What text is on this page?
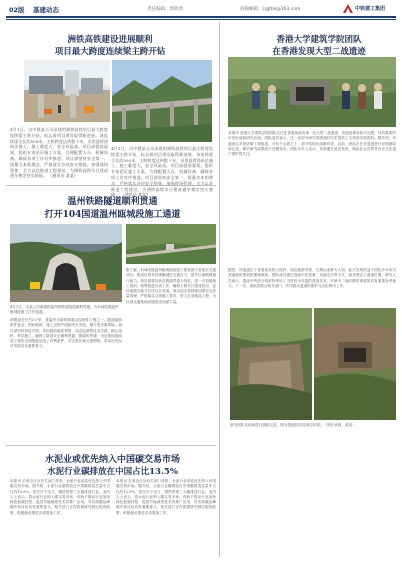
02版 基建动态	责任编辑：郭欣欣	投稿邮箱：cgjtbk@163.com	中铁建工集团
洲铁高铁建设进展顺利
项目最大跨度连续梁主跨开钻
4月1日，由中建某公司承建的洲铁高铁项目最大跨度连续梁主跨开钻，标志着项目建设取得新进展。该连续梁全长约500米，主跨跨度达到数十米，采用悬臂浇筑法施工，施工难度大，安全风险高。项目部提前谋划，组织专家论证施工方案，合理配置人员、机械设备，确保各项工作有序推进。项目部坚持安全第一、质量为本的理念，严格落实各项安全措施，加强现场管理，全力以赴推进工程建设，为洲铁高铁早日建成通车奠定坚实基础。 （通讯员 某某）
4月1日，由中建某公司承建的洲铁高铁项目最大跨度连续梁主跨开钻，标志着项目建设取得新进展。该连续梁全长约500米，主跨跨度达到数十米，采用悬臂浇筑法施工，施工难度大，安全风险高。项目部提前谋划，组织专家论证施工方案，合理配置人员、机械设备，确保各项工作有序推进。项目部坚持安全第一、质量为本的理念，严格落实各项安全措施，加强现场管理，全力以赴推进工程建设，为洲铁高铁早日建成通车奠定坚实基础。 （通讯员 某某）
香港大学建筑学院团队
在香港发现大型二战遗迹
本报讯 香港大学建筑学院团队近日在香港某地发现一处大型二战遗迹，该遗迹保存较为完整，具有重要的历史价值和研究价值。团队成员表示，这一发现为研究香港战时历史提供了宝贵的实物资料。据介绍，该遗迹由多处防御工事组成，分布于山坡之上，部分结构仍清晰可见。目前，团队正在对遗迹进行详细测绘和记录，相关研究成果将于近期发布。团队负责人表示，希望通过此次发现，唤起社会各界对历史文化遗产保护的关注。
据悉，该遗迹位于香港某郊野公园内，周边植被茂密，长期以来鲜为人知。此次发现得益于团队多年来对香港战时建筑的系统调查。团队成员通过查阅历史档案、实地走访等方式，逐步锁定了遗迹位置。研究人员表示，遗迹中的部分构筑物采用了当时较为先进的建造技术，对研究二战时期军事建筑具有重要参考意义。下一步，团队将联合相关部门，共同推动遗迹的保护与活化利用工作。
研究团队在现场进行测绘记录，图为遗迹局部及周边环境。（图片来源：某某）
温州铁路隧道顺利贯通
打开104国道温州瓯城段施工通道
据了解，104国道温州瓯城段改建工程是浙江省重点交通项目，建成后将有效缓解城区交通压力，提升区域路网通行能力。项目部将以此次隧道贯通为契机，进一步加强施工组织，统筹推进各项工作，确保工程早日建成投用，更好地服务地方经济社会发展。项目部还将持续加强安全质量管理，严格落实文明施工要求，努力打造精品工程，为区域交通基础设施建设贡献力量。
4月1日，由某公司承建的温州铁路某隧道顺利贯通，为104国道温州瓯城段施工打开通道。
该隧道全长约2公里，是温州市域铁路重点控制性工程之一。隧道地质条件复杂，围岩破碎，施工过程中面临突水突泥、塌方等多重风险。项目部坚持科技引领，采用超前地质预报、动态监测等技术手段，精心组织，科学施工，确保了隧道安全顺利贯通。隧道的贯通，为后续国道改造工程的全面推进创造了有利条件，对完善区域交通网络、带动沿线经济发展具有重要意义。
水泥业或优先纳入中国碳交易市场
水泥行业碳排放在中国占比13.5%
本报讯 记者近日从有关部门获悉，水泥行业或将优先纳入中国碳交易市场。据介绍，水泥行业碳排放在中国碳排放总量中占比约13.5%，是仅次于电力、钢铁的第三大碳排放行业。业内人士表示，将水泥行业纳入碳交易市场，有助于推动行业加快绿色低碳转型，促进节能减排技术的推广应用，对实现碳达峰碳中和目标具有重要意义。相关部门正在抓紧研究制定配套政策，积极稳妥推进各项准备工作。
本报讯 记者近日从有关部门获悉，水泥行业或将优先纳入中国碳交易市场。据介绍，水泥行业碳排放在中国碳排放总量中占比约13.5%，是仅次于电力、钢铁的第三大碳排放行业。业内人士表示，将水泥行业纳入碳交易市场，有助于推动行业加快绿色低碳转型，促进节能减排技术的推广应用，对实现碳达峰碳中和目标具有重要意义。相关部门正在抓紧研究制定配套政策，积极稳妥推进各项准备工作。
